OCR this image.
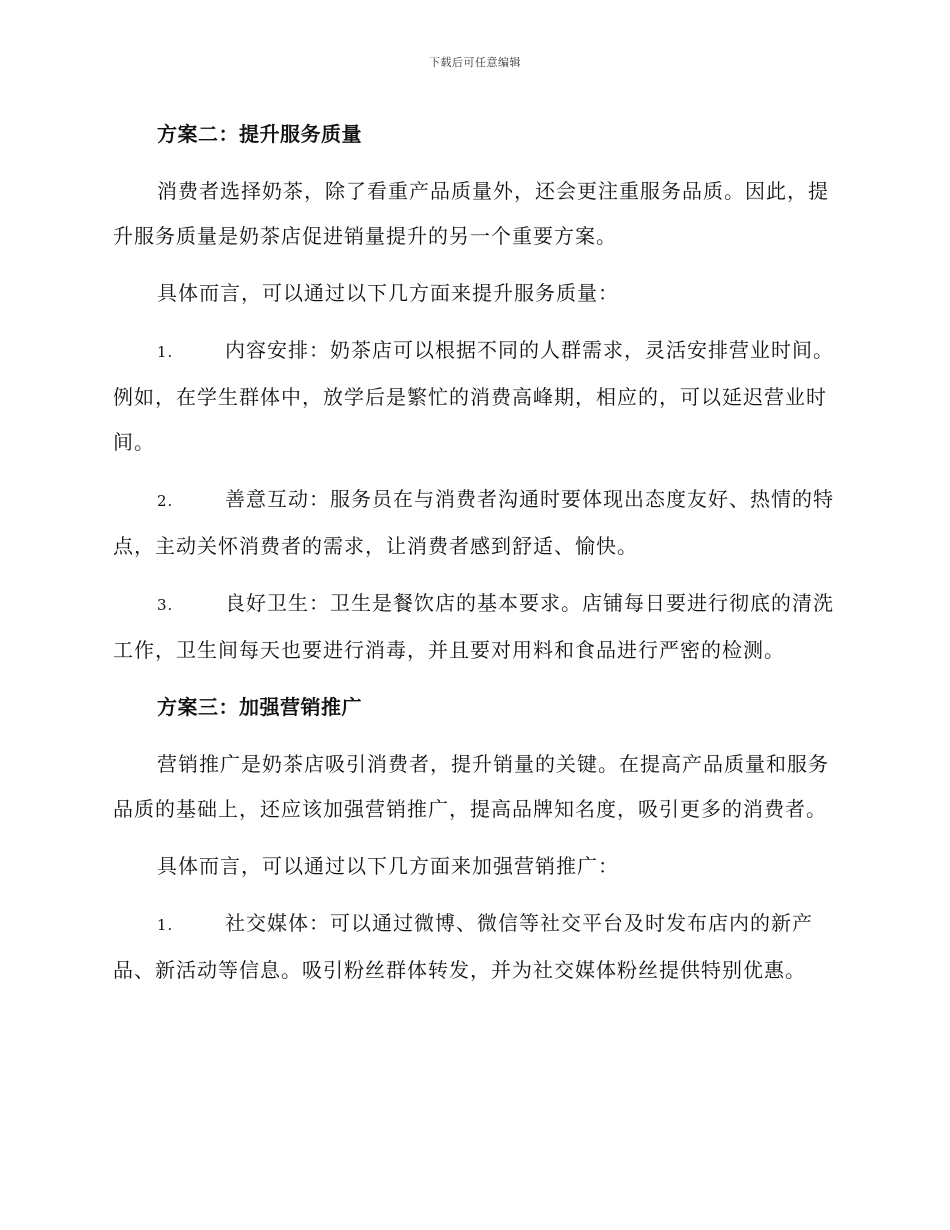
下载后可任意编辑
方案二：提升服务质量
消费者选择奶茶，除了看重产品质量外，还会更注重服务品质。因此，提升服务质量是奶茶店促进销量提升的另一个重要方案。
具体而言，可以通过以下几方面来提升服务质量：
1.	内容安排：奶茶店可以根据不同的人群需求，灵活安排营业时间。例如，在学生群体中，放学后是繁忙的消费高峰期，相应的，可以延迟营业时间。
2.	善意互动：服务员在与消费者沟通时要体现出态度友好、热情的特点，主动关怀消费者的需求，让消费者感到舒适、愉快。
3.	良好卫生：卫生是餐饮店的基本要求。店铺每日要进行彻底的清洗工作，卫生间每天也要进行消毒，并且要对用料和食品进行严密的检测。
方案三：加强营销推广
营销推广是奶茶店吸引消费者，提升销量的关键。在提高产品质量和服务品质的基础上，还应该加强营销推广，提高品牌知名度，吸引更多的消费者。
具体而言，可以通过以下几方面来加强营销推广：
1.	社交媒体：可以通过微博、微信等社交平台及时发布店内的新产品、新活动等信息。吸引粉丝群体转发，并为社交媒体粉丝提供特别优惠。
